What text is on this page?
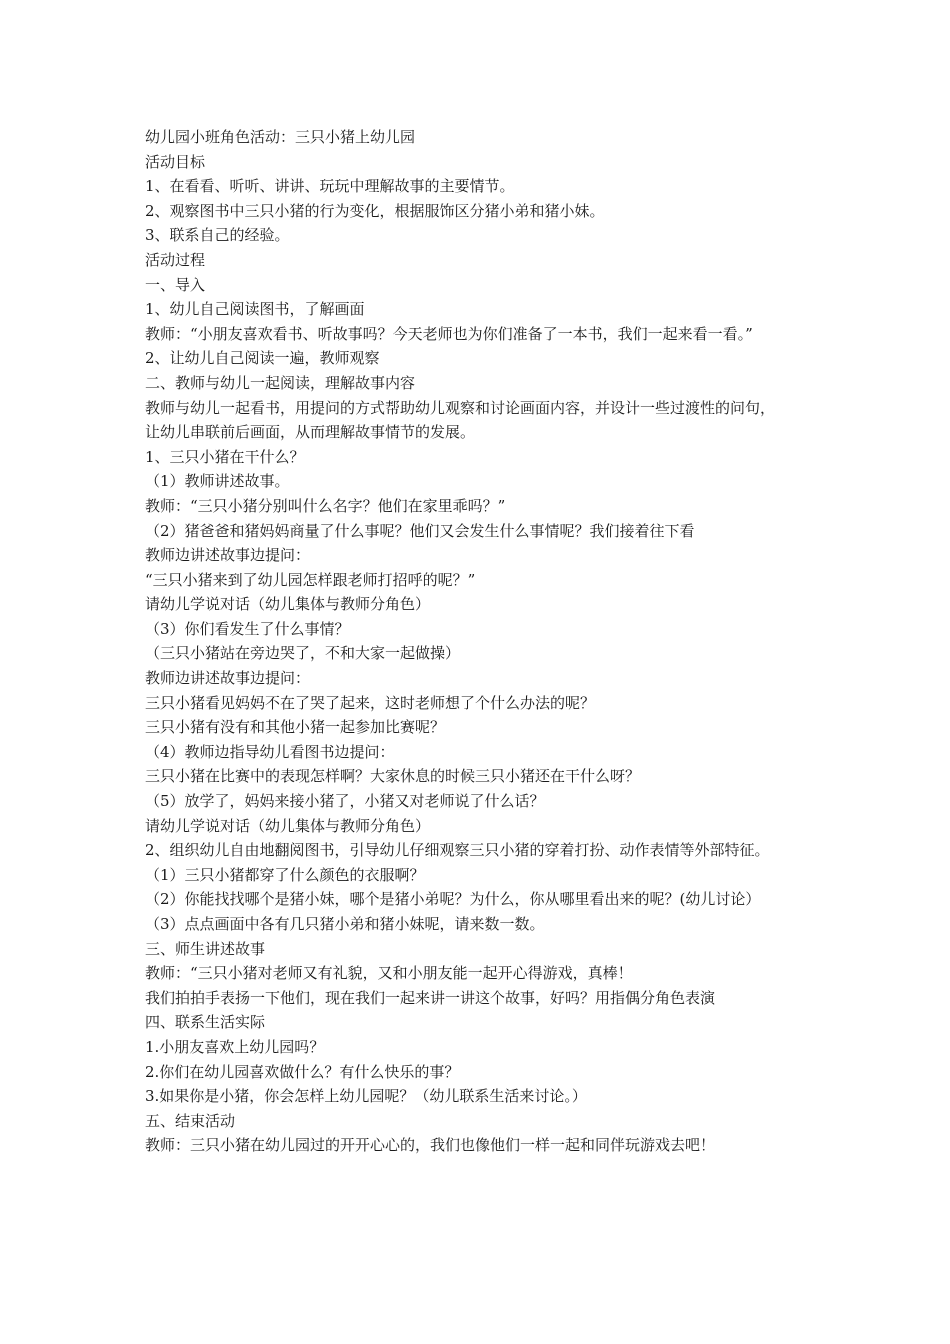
幼儿园小班角色活动：三只小猪上幼儿园

活动目标

1、在看看、听听、讲讲、玩玩中理解故事的主要情节。

2、观察图书中三只小猪的行为变化，根据服饰区分猪小弟和猪小妹。

3、联系自己的经验。

活动过程

一、导入

1、幼儿自己阅读图书，了解画面

教师：“小朋友喜欢看书、听故事吗？今天老师也为你们准备了一本书，我们一起来看一看。”

2、让幼儿自己阅读一遍，教师观察

二、教师与幼儿一起阅读，理解故事内容

教师与幼儿一起看书，用提问的方式帮助幼儿观察和讨论画面内容，并设计一些过渡性的问句，

让幼儿串联前后画面，从而理解故事情节的发展。

1、三只小猪在干什么？

（1）教师讲述故事。

教师：“三只小猪分别叫什么名字？他们在家里乖吗？”

（2）猪爸爸和猪妈妈商量了什么事呢？他们又会发生什么事情呢？我们接着往下看

教师边讲述故事边提问：

“三只小猪来到了幼儿园怎样跟老师打招呼的呢？”

请幼儿学说对话（幼儿集体与教师分角色）

（3）你们看发生了什么事情？

（三只小猪站在旁边哭了，不和大家一起做操）

教师边讲述故事边提问：

三只小猪看见妈妈不在了哭了起来，这时老师想了个什么办法的呢？

三只小猪有没有和其他小猪一起参加比赛呢？

（4）教师边指导幼儿看图书边提问：

三只小猪在比赛中的表现怎样啊？大家休息的时候三只小猪还在干什么呀？

（5）放学了，妈妈来接小猪了，小猪又对老师说了什么话？

请幼儿学说对话（幼儿集体与教师分角色）

2、组织幼儿自由地翻阅图书，引导幼儿仔细观察三只小猪的穿着打扮、动作表情等外部特征。

（1）三只小猪都穿了什么颜色的衣服啊？

（2）你能找找哪个是猪小妹，哪个是猪小弟呢？为什么，你从哪里看出来的呢？(幼儿讨论）

（3）点点画面中各有几只猪小弟和猪小妹呢，请来数一数。

三、师生讲述故事

教师：“三只小猪对老师又有礼貌，又和小朋友能一起开心得游戏，真棒！

我们拍拍手表扬一下他们，现在我们一起来讲一讲这个故事，好吗？用指偶分角色表演

四、联系生活实际

1.小朋友喜欢上幼儿园吗？

2.你们在幼儿园喜欢做什么？有什么快乐的事？

3.如果你是小猪，你会怎样上幼儿园呢？（幼儿联系生活来讨论。）

五、结束活动

教师：三只小猪在幼儿园过的开开心心的，我们也像他们一样一起和同伴玩游戏去吧！
